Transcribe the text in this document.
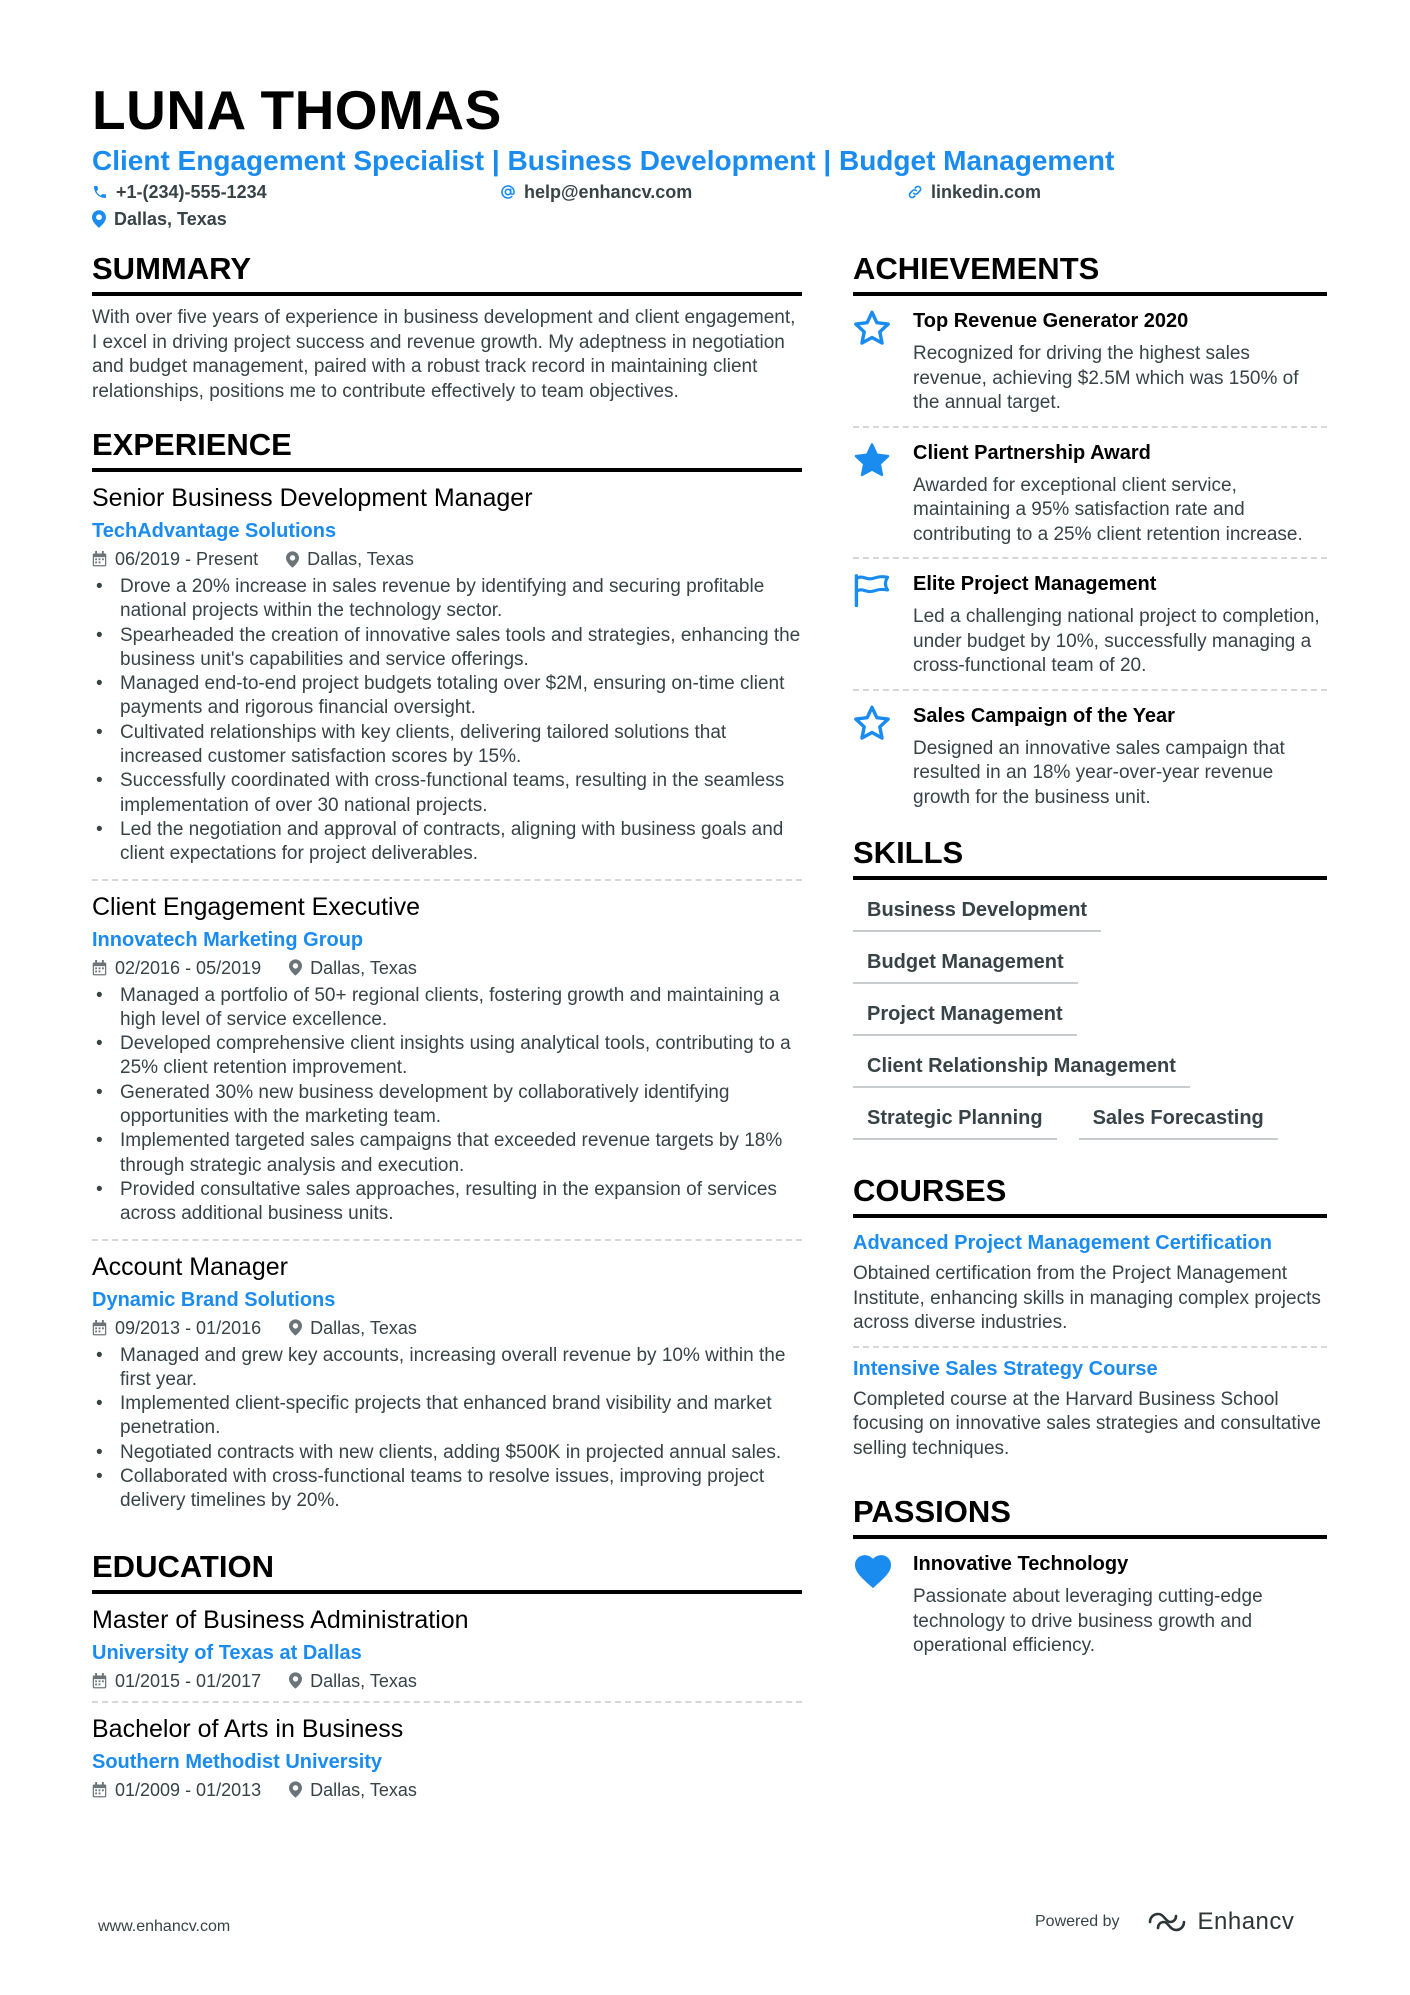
LUNA THOMAS
Client Engagement Specialist | Business Development | Budget Management
+1-(234)-555-1234	help@enhancv.com	linkedin.com
Dallas, Texas
SUMMARY

With over five years of experience in business development and client engagement, I excel in driving project success and revenue growth. My adeptness in negotiation and budget management, paired with a robust track record in maintaining client relationships, positions me to contribute effectively to team objectives.

EXPERIENCE
Senior Business Development Manager
TechAdvantage Solutions
06/2019 - Present	Dallas, Texas
• Drove a 20% increase in sales revenue by identifying and securing profitable national projects within the technology sector.
• Spearheaded the creation of innovative sales tools and strategies, enhancing the business unit's capabilities and service offerings.
• Managed end-to-end project budgets totaling over $2M, ensuring on-time client payments and rigorous financial oversight.
• Cultivated relationships with key clients, delivering tailored solutions that increased customer satisfaction scores by 15%.
• Successfully coordinated with cross-functional teams, resulting in the seamless implementation of over 30 national projects.
• Led the negotiation and approval of contracts, aligning with business goals and client expectations for project deliverables.
Client Engagement Executive
Innovatech Marketing Group
02/2016 - 05/2019	Dallas, Texas
• Managed a portfolio of 50+ regional clients, fostering growth and maintaining a high level of service excellence.
• Developed comprehensive client insights using analytical tools, contributing to a 25% client retention improvement.
• Generated 30% new business development by collaboratively identifying opportunities with the marketing team.
• Implemented targeted sales campaigns that exceeded revenue targets by 18% through strategic analysis and execution.
• Provided consultative sales approaches, resulting in the expansion of services across additional business units.
Account Manager
Dynamic Brand Solutions
09/2013 - 01/2016	Dallas, Texas
• Managed and grew key accounts, increasing overall revenue by 10% within the first year.
• Implemented client-specific projects that enhanced brand visibility and market penetration.
• Negotiated contracts with new clients, adding $500K in projected annual sales.
• Collaborated with cross-functional teams to resolve issues, improving project delivery timelines by 20%.
EDUCATION
Master of Business Administration
University of Texas at Dallas
01/2015 - 01/2017	Dallas, Texas
Bachelor of Arts in Business
Southern Methodist University
01/2009 - 01/2013	Dallas, Texas
ACHIEVEMENTS
Top Revenue Generator 2020
Recognized for driving the highest sales revenue, achieving $2.5M which was 150% of the annual target.
Client Partnership Award
Awarded for exceptional client service, maintaining a 95% satisfaction rate and contributing to a 25% client retention increase.
Elite Project Management
Led a challenging national project to completion, under budget by 10%, successfully managing a cross-functional team of 20.
Sales Campaign of the Year
Designed an innovative sales campaign that resulted in an 18% year-over-year revenue growth for the business unit.
SKILLS
Business Development
Budget Management
Project Management
Client Relationship Management
Strategic Planning	Sales Forecasting
COURSES
Advanced Project Management Certification
Obtained certification from the Project Management Institute, enhancing skills in managing complex projects across diverse industries.
Intensive Sales Strategy Course
Completed course at the Harvard Business School focusing on innovative sales strategies and consultative selling techniques.
PASSIONS
Innovative Technology
Passionate about leveraging cutting-edge technology to drive business growth and operational efficiency.
www.enhancv.com	Powered by	Enhancv
